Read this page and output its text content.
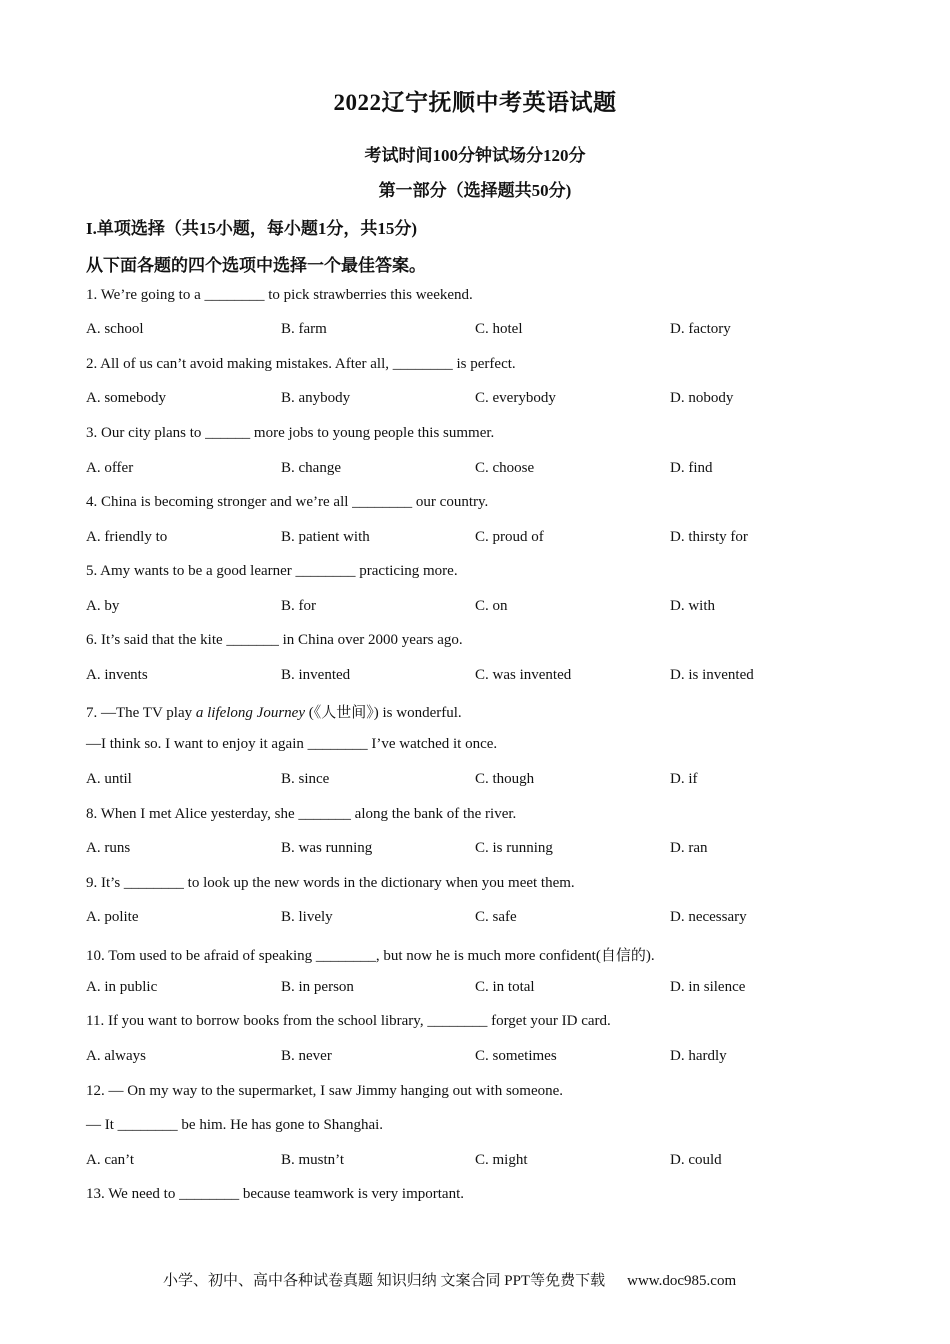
2022辽宁抚顺中考英语试题
考试时间100分钟试场分120分
第一部分（选择题共50分)
I.单项选择（共15小题，每小题1分，共15分)
从下面各题的四个选项中选择一个最佳答案。
1. We’re going to a ________ to pick strawberries this weekend.
A. school	B. farm	C. hotel	D. factory
2. All of us can’t avoid making mistakes. After all, ________ is perfect.
A. somebody	B. anybody	C. everybody	D. nobody
3. Our city plans to ______ more jobs to young people this summer.
A. offer	B. change	C. choose	D. find
4. China is becoming stronger and we’re all ________ our country.
A. friendly to	B. patient with	C. proud of	D. thirsty for
5. Amy wants to be a good learner ________ practicing more.
A. by	B. for	C. on	D. with
6. It’s said that the kite _______ in China over 2000 years ago.
A. invents	B. invented	C. was invented	D. is invented
7. —The TV play a lifelong Journey (《人世间》) is wonderful.
—I think so. I want to enjoy it again ________ I’ve watched it once.
A. until	B. since	C. though	D. if
8. When I met Alice yesterday, she _______ along the bank of the river.
A. runs	B. was running	C. is running	D. ran
9. It’s ________ to look up the new words in the dictionary when you meet them.
A. polite	B. lively	C. safe	D. necessary
10. Tom used to be afraid of speaking ________, but now he is much more confident(自信的).
A. in public	B. in person	C. in total	D. in silence
11. If you want to borrow books from the school library, ________ forget your ID card.
A. always	B. never	C. sometimes	D. hardly
12. — On my way to the supermarket, I saw Jimmy hanging out with someone.
— It ________ be him. He has gone to Shanghai.
A. can’t	B. mustn’t	C. might	D. could
13. We need to ________ because teamwork is very important.
小学、初中、高中各种试卷真题 知识归纳 文案合同 PPT等免费下载 www.doc985.com
